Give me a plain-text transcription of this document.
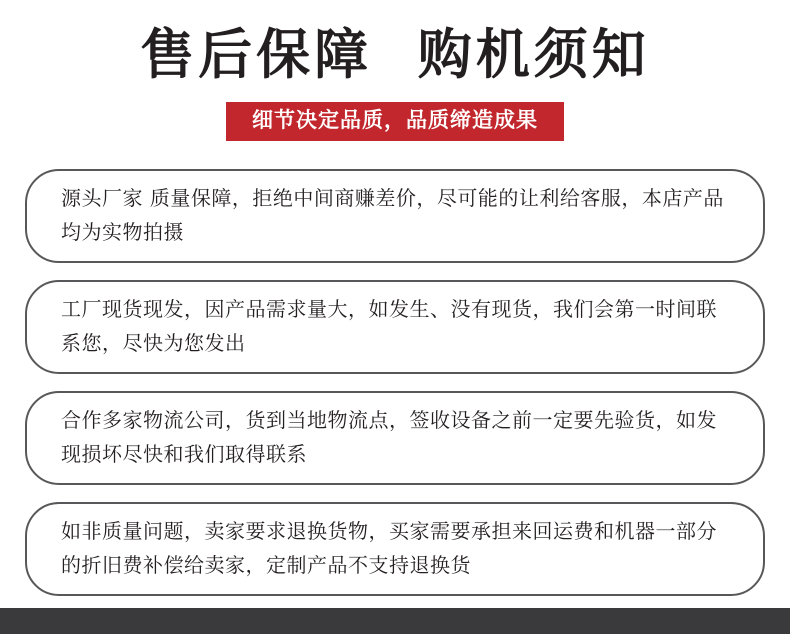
售后保障  购机须知
细节决定品质，品质缔造成果
源头厂家 质量保障，拒绝中间商赚差价，尽可能的让利给客服，本店产品均为实物拍摄
工厂现货现发，因产品需求量大，如发生、没有现货，我们会第一时间联系您，尽快为您发出
合作多家物流公司，货到当地物流点，签收设备之前一定要先验货，如发现损坏尽快和我们取得联系
如非质量问题，卖家要求退换货物，买家需要承担来回运费和机器一部分的折旧费补偿给卖家，定制产品不支持退换货
